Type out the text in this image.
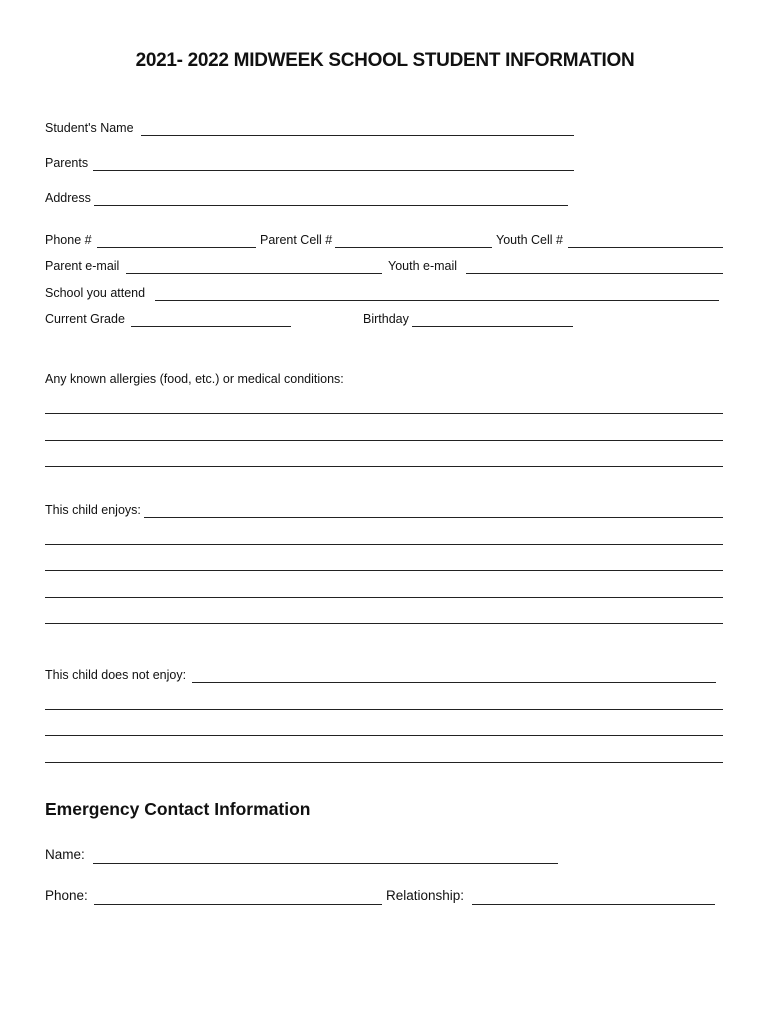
2021- 2022 MIDWEEK SCHOOL STUDENT INFORMATION
Student's Name
Parents
Address
Phone #	Parent Cell #	Youth Cell #
Parent e-mail	Youth e-mail
School you attend
Current Grade	Birthday
Any known allergies (food, etc.) or medical conditions:
This child enjoys:
This child does not enjoy:
Emergency Contact Information
Name:
Phone:	Relationship:
